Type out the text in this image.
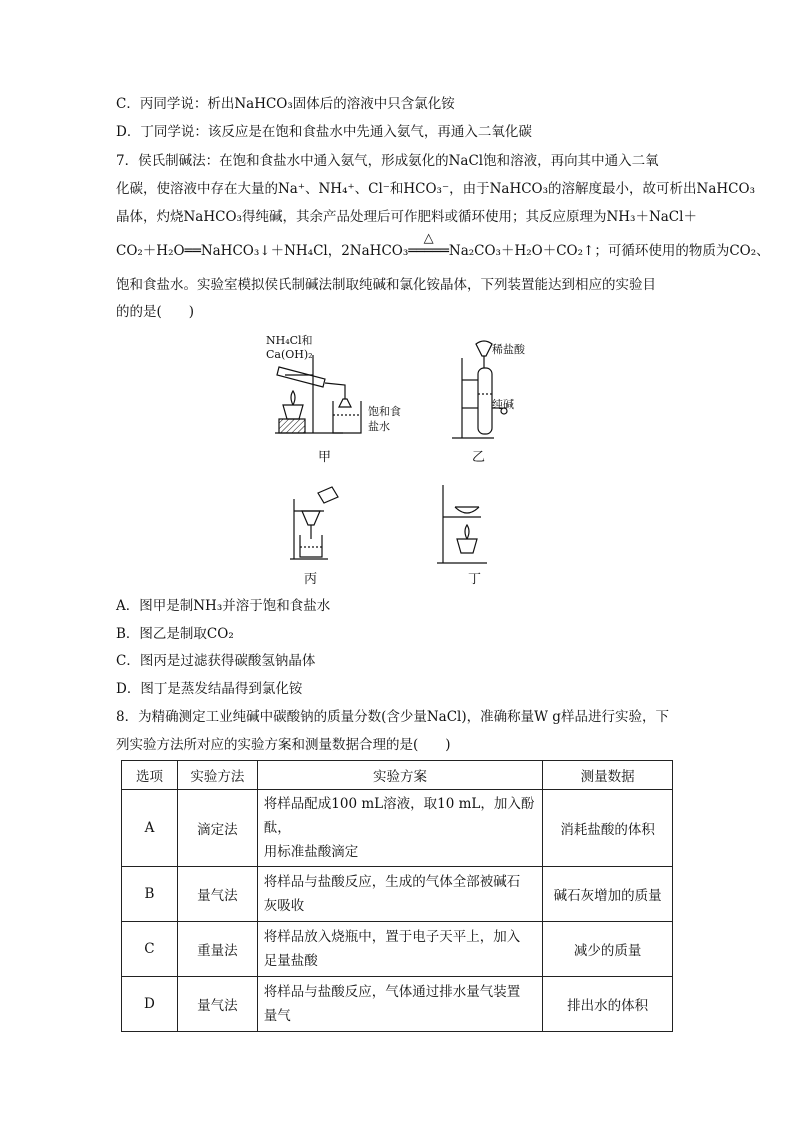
C．丙同学说：析出NaHCO₃固体后的溶液中只含氯化铵
D．丁同学说：该反应是在饱和食盐水中先通入氨气，再通入二氧化碳
7．侯氏制碱法：在饱和食盐水中通入氨气，形成氨化的NaCl饱和溶液，再向其中通入二氧
化碳，使溶液中存在大量的Na⁺、NH₄⁺、Cl⁻和HCO₃⁻，由于NaHCO₃的溶解度最小，故可析出NaHCO₃
晶体，灼烧NaHCO₃得纯碱，其余产品处理后可作肥料或循环使用；其反应原理为NH₃＋NaCl＋
CO₂＋H₂O══NaHCO₃↓＋NH₄Cl，2NaHCO₃
△
═════Na₂CO₃＋H₂O＋CO₂↑；可循环使用的物质为CO₂、
饱和食盐水。实验室模拟侯氏制碱法制取纯碱和氯化铵晶体，下列装置能达到相应的实验目
的的是(　　)
NH₄Cl和
Ca(OH)₂
饱和食
盐水
甲
稀盐酸
纯碱
乙
丙	丁
A．图甲是制NH₃并溶于饱和食盐水
B．图乙是制取CO₂
C．图丙是过滤获得碳酸氢钠晶体
D．图丁是蒸发结晶得到氯化铵
8．为精确测定工业纯碱中碳酸钠的质量分数(含少量NaCl)，准确称量W g样品进行实验，下
列实验方法所对应的实验方案和测量数据合理的是(　　)
选项	实验方法	实验方案	测量数据
A	滴定法	将样品配成100 mL溶液，取10 mL，加入酚酞，
用标准盐酸滴定	消耗盐酸的体积
B	量气法	将样品与盐酸反应，生成的气体全部被碱石
灰吸收	碱石灰增加的质量
C	重量法	将样品放入烧瓶中，置于电子天平上，加入
足量盐酸	减少的质量
D	量气法	将样品与盐酸反应，气体通过排水量气装置
量气	排出水的体积
